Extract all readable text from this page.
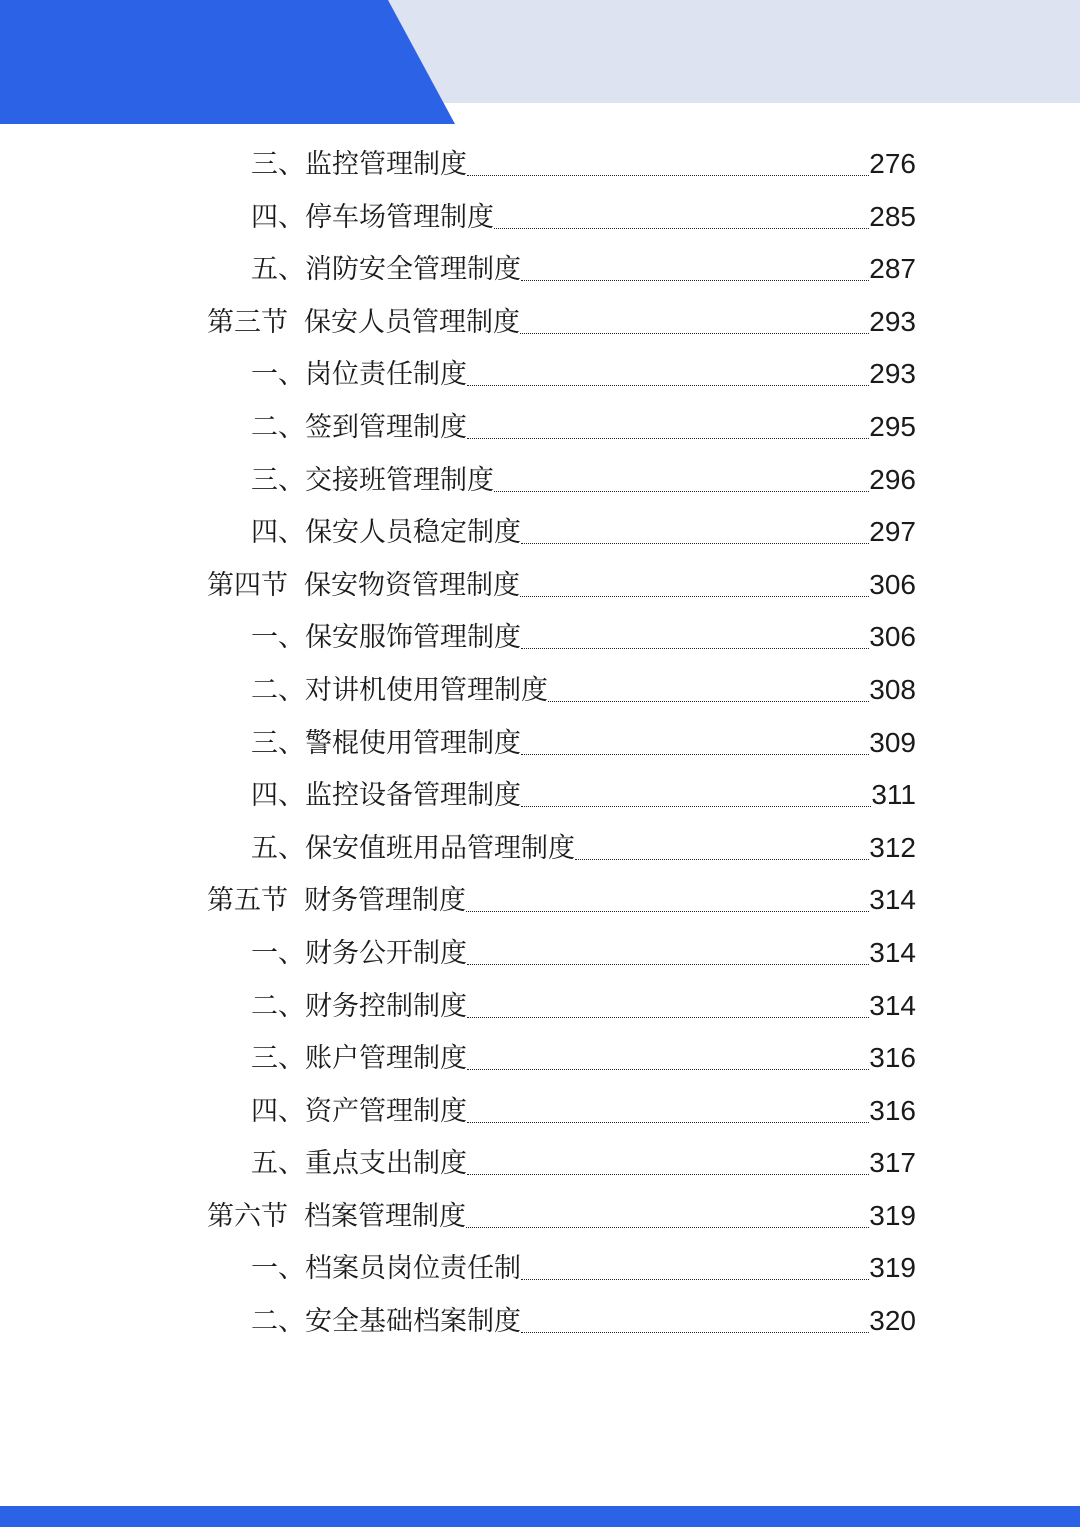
三、 监控管理制度	276
四、 停车场管理制度	285
五、 消防安全管理制度	287
第三节 保安人员管理制度	293
一、 岗位责任制度	293
二、 签到管理制度	295
三、 交接班管理制度	296
四、 保安人员稳定制度	297
第四节 保安物资管理制度	306
一、 保安服饰管理制度	306
二、 对讲机使用管理制度	308
三、 警棍使用管理制度	309
四、 监控设备管理制度	311
五、 保安值班用品管理制度	312
第五节 财务管理制度	314
一、 财务公开制度	314
二、 财务控制制度	314
三、 账户管理制度	316
四、 资产管理制度	316
五、 重点支出制度	317
第六节 档案管理制度	319
一、 档案员岗位责任制	319
二、 安全基础档案制度	320
